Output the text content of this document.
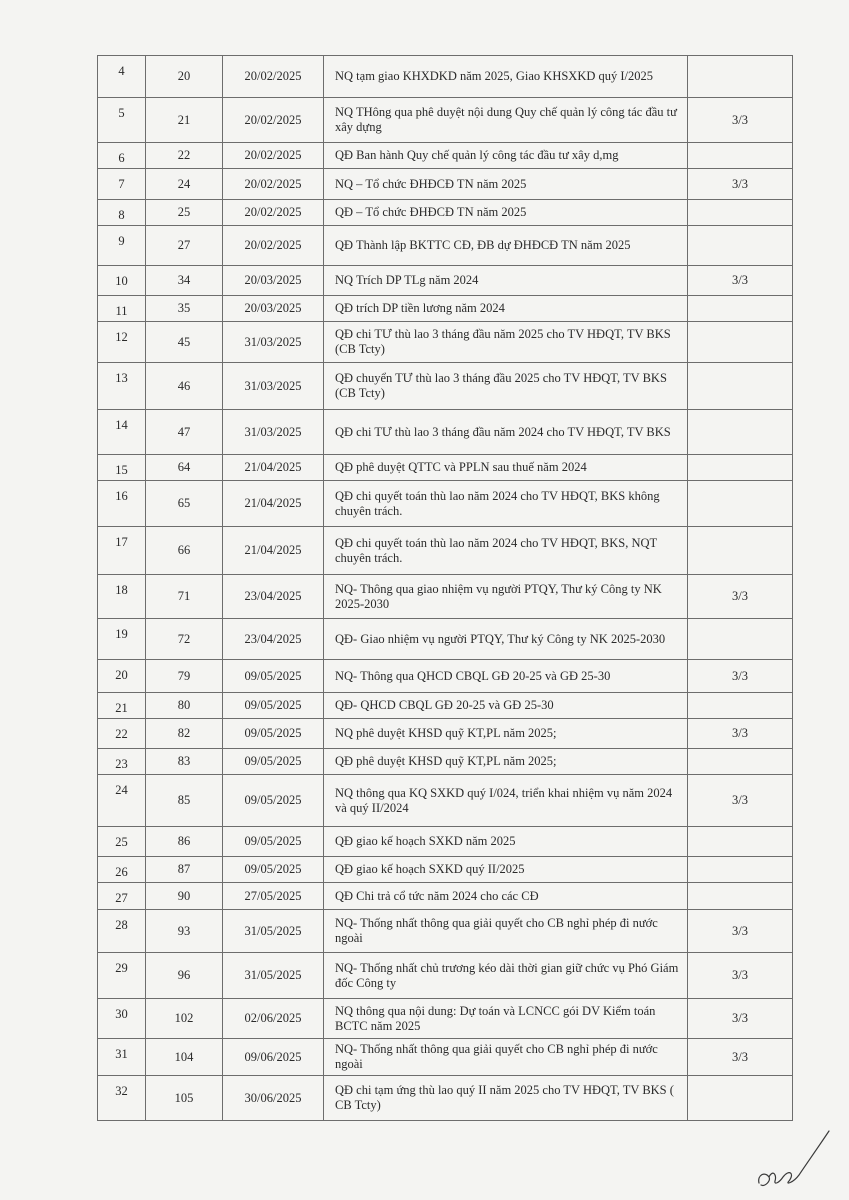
4	20	20/02/2025	NQ tạm giao KHXDKD năm 2025, Giao KHSXKD quý I/2025	
5	21	20/02/2025	NQ THông qua phê duyệt nội dung Quy chế quản lý công tác đầu tư xây dựng	3/3
6	22	20/02/2025	QĐ Ban hành Quy chế quản lý công tác đầu tư xây d,mg	
7	24	20/02/2025	NQ – Tổ chức ĐHĐCĐ TN năm 2025	3/3
8	25	20/02/2025	QĐ – Tổ chức ĐHĐCĐ TN năm 2025	
9	27	20/02/2025	QĐ Thành lập BKTTC CĐ, ĐB dự ĐHĐCĐ TN năm 2025	
10	34	20/03/2025	NQ Trích DP TLg năm 2024	3/3
11	35	20/03/2025	QĐ trích DP tiền lương năm 2024	
12	45	31/03/2025	QĐ chi TƯ thù lao 3 tháng đầu năm 2025 cho TV HĐQT, TV BKS (CB Tcty)	
13	46	31/03/2025	QĐ chuyển TƯ thù lao 3 tháng đầu 2025 cho TV HĐQT, TV BKS (CB Tcty)	
14	47	31/03/2025	QĐ chi TƯ thù lao 3 tháng đầu năm 2024 cho TV HĐQT, TV BKS	
15	64	21/04/2025	QĐ phê duyệt QTTC và PPLN sau thuế năm 2024	
16	65	21/04/2025	QĐ chi quyết toán thù lao năm 2024 cho TV HĐQT, BKS không chuyên trách.	
17	66	21/04/2025	QĐ chi quyết toán thù lao năm 2024 cho TV HĐQT, BKS, NQT chuyên trách.	
18	71	23/04/2025	NQ- Thông qua giao nhiệm vụ người PTQY, Thư ký Công ty NK 2025-2030	3/3
19	72	23/04/2025	QĐ- Giao nhiệm vụ người PTQY, Thư ký Công ty NK 2025-2030	
20	79	09/05/2025	NQ- Thông qua QHCD CBQL GĐ 20-25 và GĐ 25-30	3/3
21	80	09/05/2025	QĐ- QHCD CBQL GĐ 20-25 và GĐ 25-30	
22	82	09/05/2025	NQ phê duyệt KHSD quỹ KT,PL năm 2025;	3/3
23	83	09/05/2025	QĐ phê duyệt KHSD quỹ KT,PL năm 2025;	
24	85	09/05/2025	NQ thông qua KQ SXKD quý I/024, triển khai nhiệm vụ năm 2024 và quý II/2024	3/3
25	86	09/05/2025	QĐ giao kế hoạch SXKD năm 2025	
26	87	09/05/2025	QĐ giao kế hoạch SXKD quý II/2025	
27	90	27/05/2025	QĐ Chi trả cổ tức năm 2024 cho các CĐ	
28	93	31/05/2025	NQ- Thống nhất thông qua giải quyết cho CB nghỉ phép đi nước ngoài	3/3
29	96	31/05/2025	NQ- Thống nhất chủ trương kéo dài thời gian giữ chức vụ Phó Giám đốc Công ty	3/3
30	102	02/06/2025	NQ thông qua nội dung: Dự toán và LCNCC gói DV Kiểm toán BCTC năm 2025	3/3
31	104	09/06/2025	NQ- Thống nhất thông qua giải quyết cho CB nghỉ phép đi nước ngoài	3/3
32	105	30/06/2025	QĐ chi tạm ứng thù lao quý II năm 2025 cho TV HĐQT, TV BKS ( CB Tcty)	
